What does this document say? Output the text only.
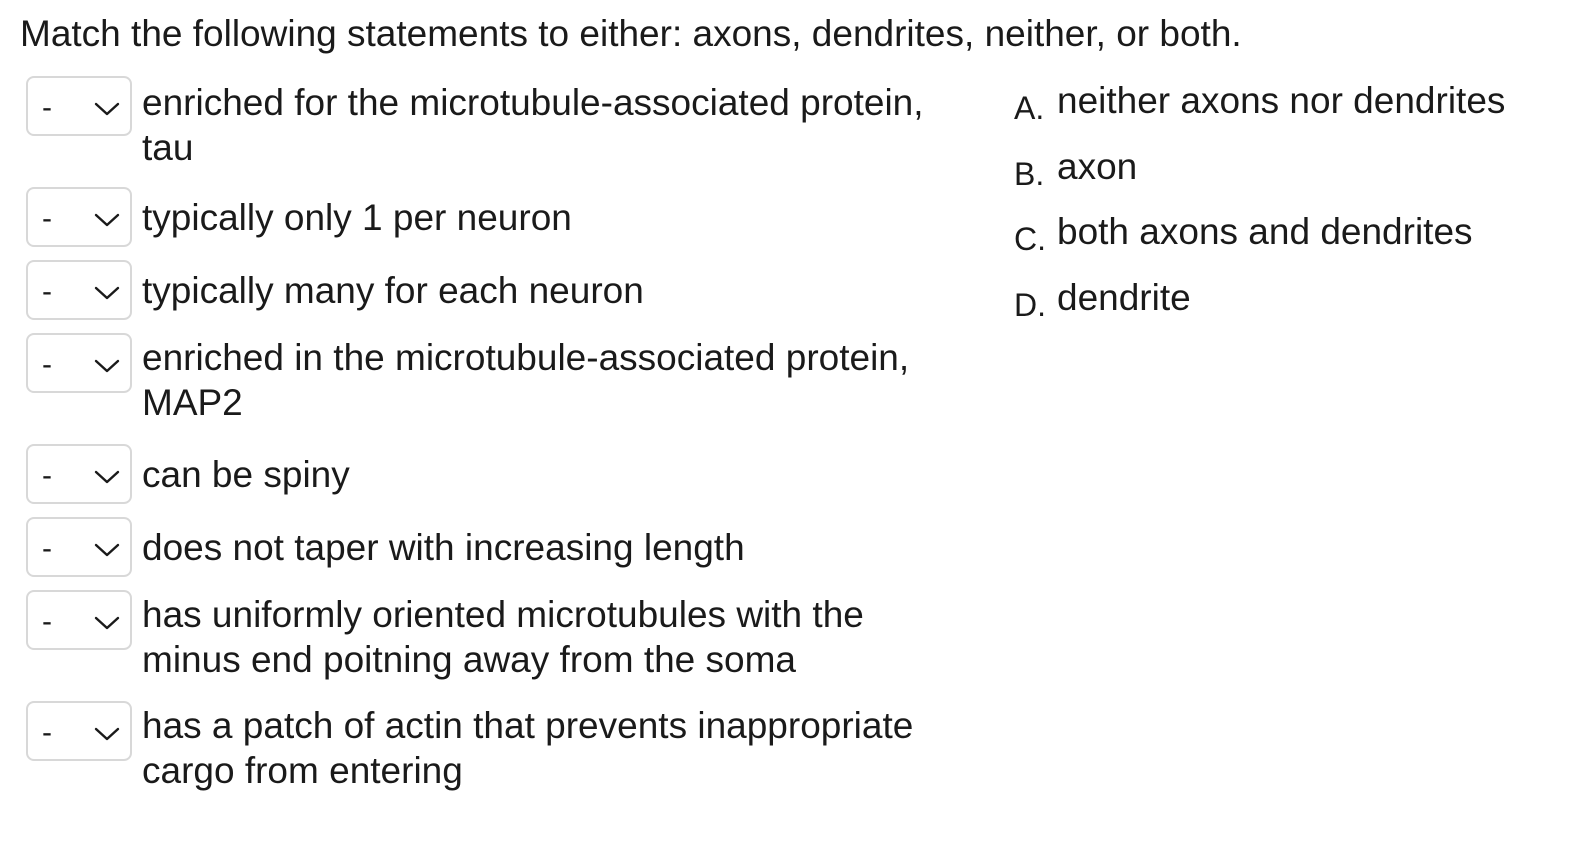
Match the following statements to either: axons, dendrites, neither, or both.
- enriched for the microtubule-associated protein,
tau
- typically only 1 per neuron
- typically many for each neuron
- enriched in the microtubule-associated protein,
MAP2
- can be spiny
- does not taper with increasing length
- has uniformly oriented microtubules with the
minus end poitning away from the soma
- has a patch of actin that prevents inappropriate
cargo from entering
A. neither axons nor dendrites
B. axon
C. both axons and dendrites
D. dendrite
